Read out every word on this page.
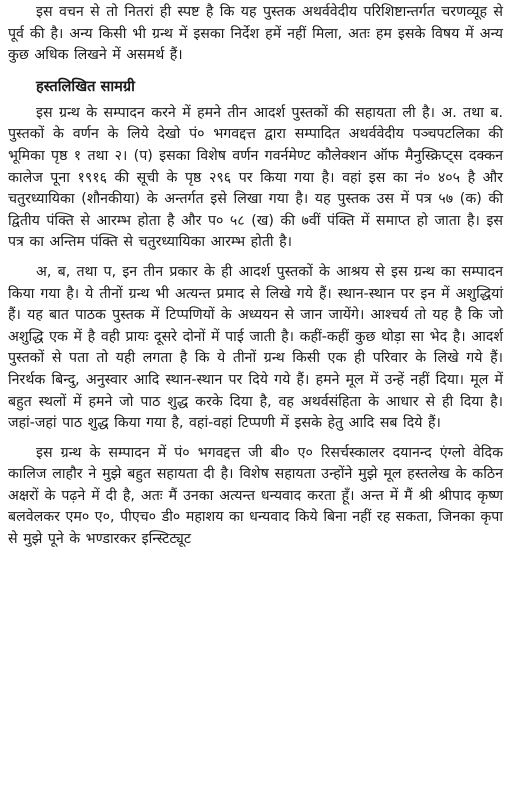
इस वचन से तो नितरां ही स्पष्ट है कि यह पुस्तक अथर्ववेदीय परिशिष्टान्तर्गत चरणव्यूह से पूर्व की है। अन्य किसी भी ग्रन्थ में इसका निर्देश हमें नहीं मिला, अतः हम इसके विषय में अन्य कुछ अधिक लिखने में असमर्थ हैं।

हस्तलिखित सामग्री

इस ग्रन्थ के सम्पादन करने में हमने तीन आदर्श पुस्तकों की सहायता ली है। अ. तथा ब. पुस्तकों के वर्णन के लिये देखो पं० भगवद्दत्त द्वारा सम्पादित अथर्ववेदीय पञ्चपटलिका की भूमिका पृष्ठ १ तथा २। (प) इसका विशेष वर्णन गवर्नमेण्ट कौलेक्शन ऑफ मैनुस्क्रिप्ट्स दक्कन कालेज पूना १९१६ की सूची के पृष्ठ २९६ पर किया गया है। वहां इस का नं० ४०५ है और चतुरध्यायिका (शौनकीया) के अन्तर्गत इसे लिखा गया है। यह पुस्तक उस में पत्र ५७ (क) की द्वितीय पंक्ति से आरम्भ होता है और प० ५८ (ख) की ७वीं पंक्ति में समाप्त हो जाता है। इस पत्र का अन्तिम पंक्ति से चतुरध्यायिका आरम्भ होती है।

अ, ब, तथा प, इन तीन प्रकार के ही आदर्श पुस्तकों के आश्रय से इस ग्रन्थ का सम्पादन किया गया है। ये तीनों ग्रन्थ भी अत्यन्त प्रमाद से लिखे गये हैं। स्थान-स्थान पर इन में अशुद्धियां हैं। यह बात पाठक पुस्तक में टिप्पणियों के अध्ययन से जान जायेंगे। आश्चर्य तो यह है कि जो अशुद्धि एक में है वही प्रायः दूसरे दोनों में पाई जाती है। कहीं-कहीं कुछ थोड़ा सा भेद है। आदर्श पुस्तकों से पता तो यही लगता है कि ये तीनों ग्रन्थ किसी एक ही परिवार के लिखे गये हैं। निरर्थक बिन्दु, अनुस्वार आदि स्थान-स्थान पर दिये गये हैं। हमने मूल में उन्हें नहीं दिया। मूल में बहुत स्थलों में हमने जो पाठ शुद्ध करके दिया है, वह अथर्वसंहिता के आधार से ही दिया है। जहां-जहां पाठ शुद्ध किया गया है, वहां-वहां टिप्पणी में इसके हेतु आदि सब दिये हैं।

इस ग्रन्थ के सम्पादन में पं० भगवद्दत्त जी बी० ए० रिसर्चस्कालर दयानन्द एंग्लो वेदिक कालिज लाहौर ने मुझे बहुत सहायता दी है। विशेष सहायता उन्होंने मुझे मूल हस्तलेख के कठिन अक्षरों के पढ़ने में दी है, अतः मैं उनका अत्यन्त धन्यवाद करता हूँ। अन्त में मैं श्री श्रीपाद कृष्ण बलवेलकर एम० ए०, पीएच० डी० महाशय का धन्यवाद किये बिना नहीं रह सकता, जिनका कृपा से मुझे पूने के भण्डारकर इन्स्टिट्यूट
